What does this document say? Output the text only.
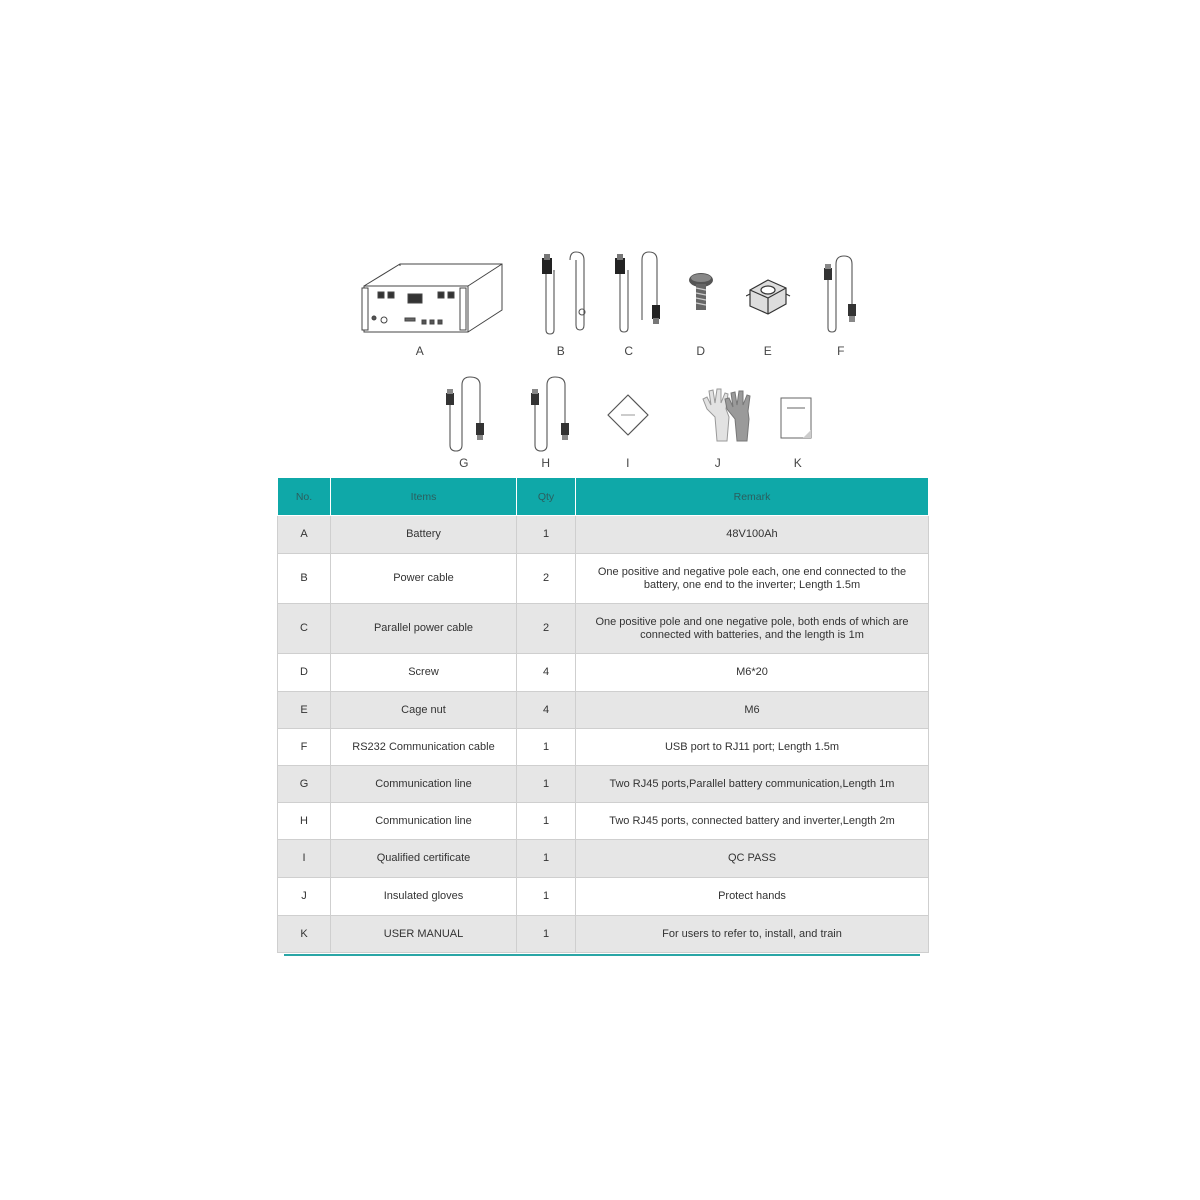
A	B	C	D	E	F
G	H	I	J	K
No.	Items	Qty	Remark
A	Battery	1	48V100Ah
B	Power cable	2	One positive and negative pole each, one end connected to the battery, one end to the inverter; Length 1.5m
C	Parallel power cable	2	One positive pole and one negative pole, both ends of which are connected with batteries, and the length is 1m
D	Screw	4	M6*20
E	Cage nut	4	M6
F	RS232 Communication cable	1	USB port to RJ11 port; Length 1.5m
G	Communication line	1	Two RJ45 ports,Parallel battery communication,Length 1m
H	Communication line	1	Two RJ45 ports, connected battery and inverter,Length 2m
I	Qualified certificate	1	QC PASS
J	Insulated gloves	1	Protect hands
K	USER MANUAL	1	For users to refer to, install, and train
